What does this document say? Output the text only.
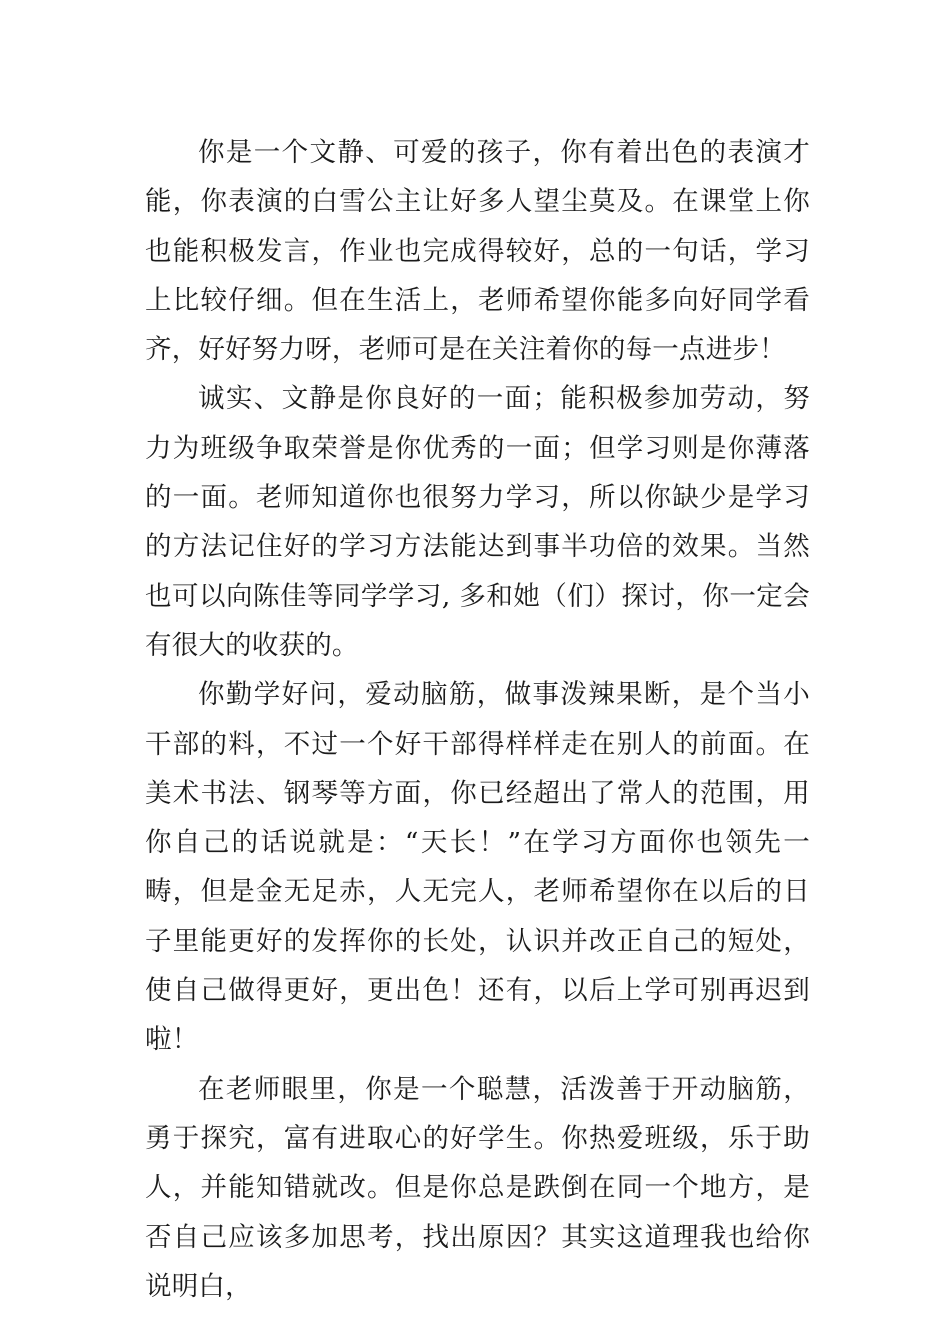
你是一个文静、可爱的孩子，你有着出色的表演才能，你表演的白雪公主让好多人望尘莫及。在课堂上你也能积极发言，作业也完成得较好，总的一句话，学习上比较仔细。但在生活上，老师希望你能多向好同学看齐，好好努力呀，老师可是在关注着你的每一点进步！

诚实、文静是你良好的一面；能积极参加劳动，努力为班级争取荣誉是你优秀的一面；但学习则是你薄落的一面。老师知道你也很努力学习，所以你缺少是学习的方法记住好的学习方法能达到事半功倍的效果。当然也可以向陈佳等同学学习, 多和她（们）探讨，你一定会有很大的收获的。

你勤学好问，爱动脑筋，做事泼辣果断，是个当小干部的料，不过一个好干部得样样走在别人的前面。在美术书法、钢琴等方面，你已经超出了常人的范围，用你自己的话说就是：“天长！”在学习方面你也领先一畴，但是金无足赤，人无完人，老师希望你在以后的日子里能更好的发挥你的长处，认识并改正自己的短处，使自己做得更好，更出色！还有，以后上学可别再迟到啦！

在老师眼里，你是一个聪慧，活泼善于开动脑筋，勇于探究，富有进取心的好学生。你热爱班级，乐于助人，并能知错就改。但是你总是跌倒在同一个地方，是否自己应该多加思考，找出原因？其实这道理我也给你说明白，
